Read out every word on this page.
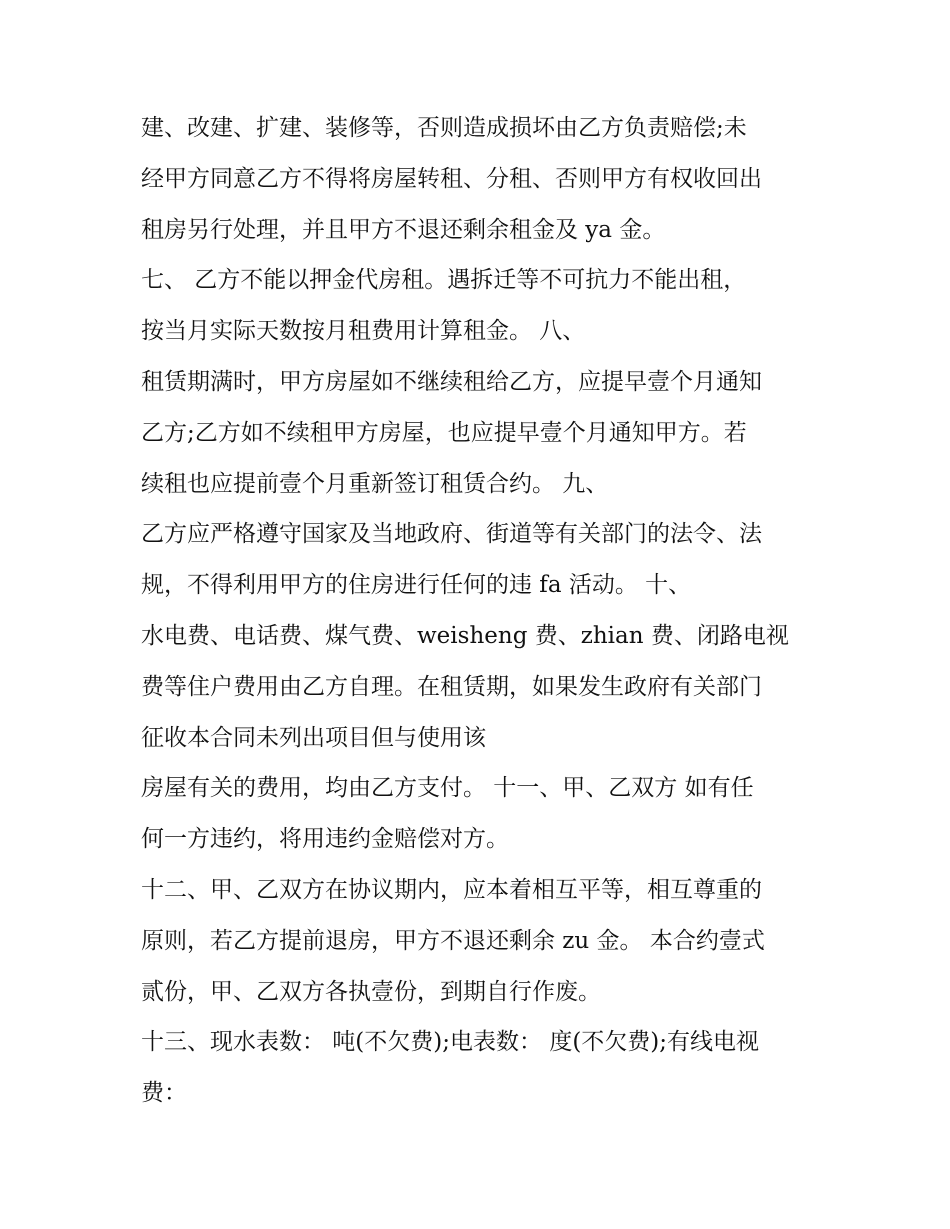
建、改建、扩建、装修等，否则造成损坏由乙方负责赔偿;未
经甲方同意乙方不得将房屋转租、分租、否则甲方有权收回出
租房另行处理，并且甲方不退还剩余租金及 ya 金。
七、 乙方不能以押金代房租。遇拆迁等不可抗力不能出租，
按当月实际天数按月租费用计算租金。 八、
租赁期满时，甲方房屋如不继续租给乙方，应提早壹个月通知
乙方;乙方如不续租甲方房屋，也应提早壹个月通知甲方。若
续租也应提前壹个月重新签订租赁合约。 九、
乙方应严格遵守国家及当地政府、街道等有关部门的法令、法
规，不得利用甲方的住房进行任何的违 fa 活动。 十、
水电费、电话费、煤气费、weisheng 费、zhian 费、闭路电视
费等住户费用由乙方自理。在租赁期，如果发生政府有关部门
征收本合同未列出项目但与使用该
房屋有关的费用，均由乙方支付。 十一、甲、乙双方 如有任
何一方违约，将用违约金赔偿对方。
十二、甲、乙双方在协议期内，应本着相互平等，相互尊重的
原则，若乙方提前退房，甲方不退还剩余 zu 金。 本合约壹式
贰份，甲、乙双方各执壹份，到期自行作废。
十三、现水表数： 吨(不欠费);电表数： 度(不欠费);有线电视
费：
